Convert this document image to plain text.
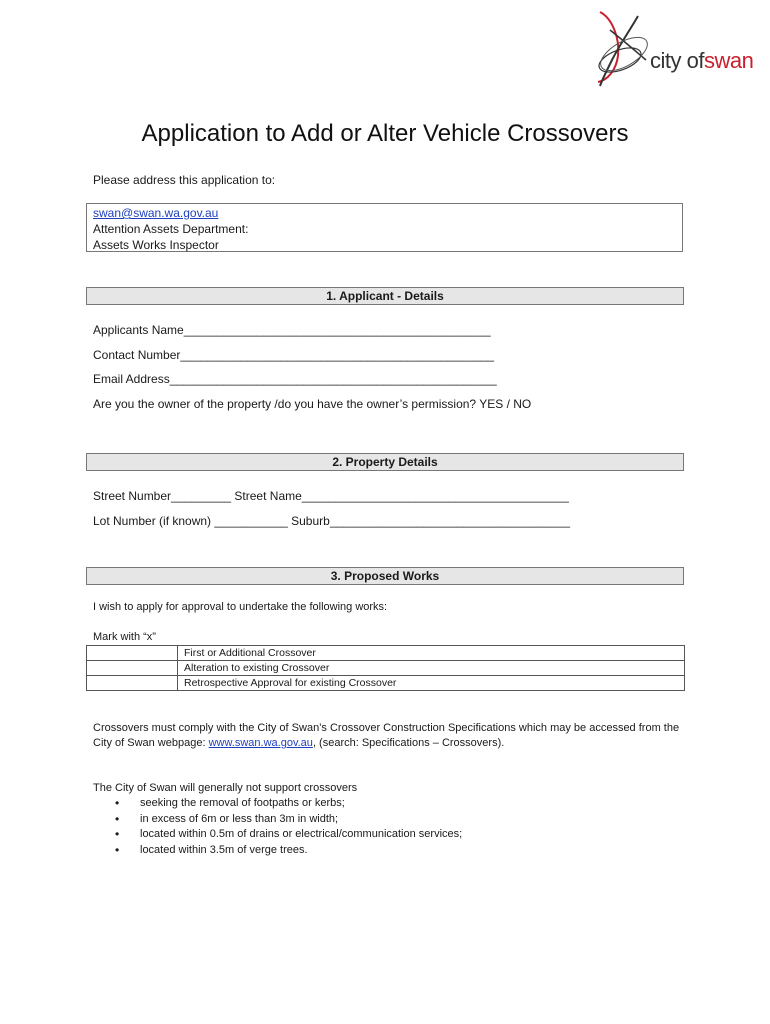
city ofswan
Application to Add or Alter Vehicle Crossovers
Please address this application to:
swan@swan.wa.gov.au
Attention Assets Department:
Assets Works Inspector
1. Applicant - Details
Applicants Name______________________________________________
Contact Number_______________________________________________
Email Address_________________________________________________
Are you the owner of the property /do you have the owner’s permission? YES / NO
2. Property Details
Street Number_________ Street Name________________________________________
Lot Number (if known) ___________ Suburb____________________________________
3. Proposed Works
I wish to apply for approval to undertake the following works:
Mark with “x”
	First or Additional Crossover
	Alteration to existing Crossover
	Retrospective Approval for existing Crossover
Crossovers must comply with the City of Swan’s Crossover Construction Specifications which may be accessed from the City of Swan webpage: www.swan.wa.gov.au, (search: Specifications – Crossovers).
The City of Swan will generally not support crossovers
• seeking the removal of footpaths or kerbs;
• in excess of 6m or less than 3m in width;
• located within 0.5m of drains or electrical/communication services;
• located within 3.5m of verge trees.
